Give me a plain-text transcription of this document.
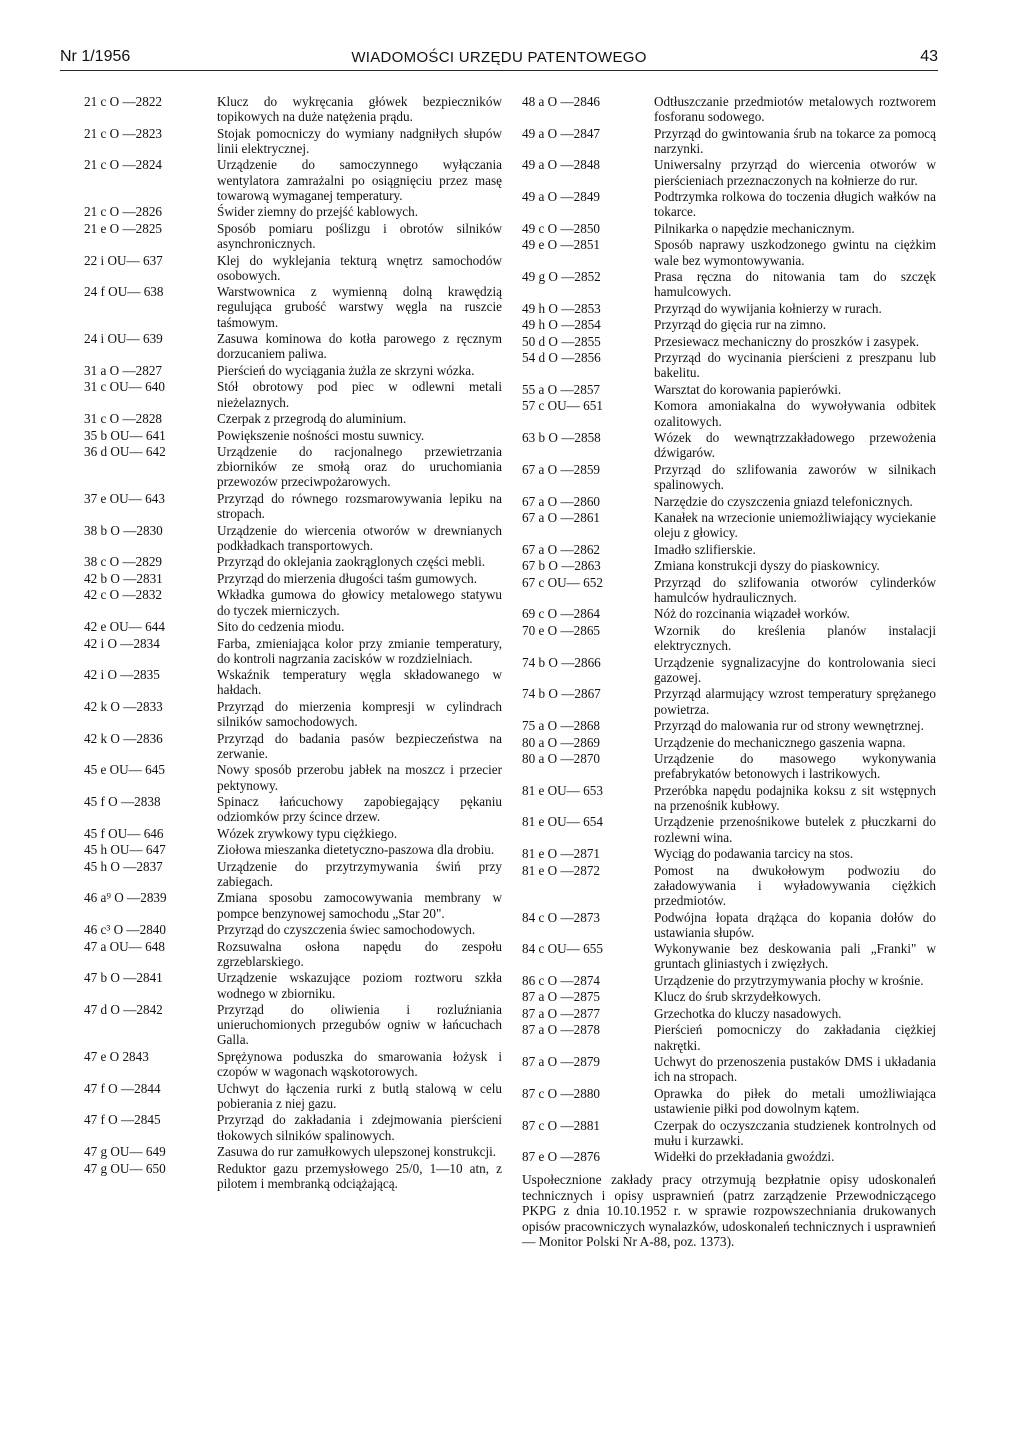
Nr 1/1956	WIADOMOŚCI URZĘDU PATENTOWEGO	43
21 c O —2822	Klucz do wykręcania główek bezpieczników topikowych na duże natężenia prądu.
21 c O —2823	Stojak pomocniczy do wymiany nadgniłych słupów linii elektrycznej.
21 c O —2824	Urządzenie do samoczynnego wyłączania wentylatora zamrażalni po osiągnięciu przez masę towarową wymaganej temperatury.
21 c O —2826	Świder ziemny do przejść kablowych.
21 e O —2825	Sposób pomiaru poślizgu i obrotów silników asynchronicznych.
22 i OU— 637	Klej do wyklejania tekturą wnętrz samochodów osobowych.
24 f OU— 638	Warstwownica z wymienną dolną krawędzią regulująca grubość warstwy węgla na ruszcie taśmowym.
24 i OU— 639	Zasuwa kominowa do kotła parowego z ręcznym dorzucaniem paliwa.
31 a O —2827	Pierścień do wyciągania żużla ze skrzyni wózka.
31 c OU— 640	Stół obrotowy pod piec w odlewni metali nieżelaznych.
31 c O —2828	Czerpak z przegrodą do aluminium.
35 b OU— 641	Powiększenie nośności mostu suwnicy.
36 d OU— 642	Urządzenie do racjonalnego przewietrzania zbiorników ze smołą oraz do uruchomiania przewozów przeciwpożarowych.
37 e OU— 643	Przyrząd do równego rozsmarowywania lepiku na stropach.
38 b O —2830	Urządzenie do wiercenia otworów w drewnianych podkładkach transportowych.
38 c O —2829	Przyrząd do oklejania zaokrąglonych części mebli.
42 b O —2831	Przyrząd do mierzenia długości taśm gumowych.
42 c O —2832	Wkładka gumowa do głowicy metalowego statywu do tyczek mierniczych.
42 e OU— 644	Sito do cedzenia miodu.
42 i O —2834	Farba, zmieniająca kolor przy zmianie temperatury, do kontroli nagrzania zacisków w rozdzielniach.
42 i O —2835	Wskaźnik temperatury węgla składowanego w hałdach.
42 k O —2833	Przyrząd do mierzenia kompresji w cylindrach silników samochodowych.
42 k O —2836	Przyrząd do badania pasów bezpieczeństwa na zerwanie.
45 e OU— 645	Nowy sposób przerobu jabłek na moszcz i przecier pektynowy.
45 f O —2838	Spinacz łańcuchowy zapobiegający pękaniu odziomków przy ścince drzew.
45 f OU— 646	Wózek zrywkowy typu ciężkiego.
45 h OU— 647	Ziołowa mieszanka dietetyczno-paszowa dla drobiu.
45 h O —2837	Urządzenie do przytrzymywania świń przy zabiegach.
46 a⁹ O —2839	Zmiana sposobu zamocowywania membrany w pompce benzynowej samochodu „Star 20".
46 c³ O —2840	Przyrząd do czyszczenia świec samochodowych.
47 a OU— 648	Rozsuwalna osłona napędu do zespołu zgrzeblarskiego.
47 b O —2841	Urządzenie wskazujące poziom roztworu szkła wodnego w zbiorniku.
47 d O —2842	Przyrząd do oliwienia i rozluźniania unieruchomionych przegubów ogniw w łańcuchach Galla.
47 e O 2843	Sprężynowa poduszka do smarowania łożysk i czopów w wagonach wąskotorowych.
47 f O —2844	Uchwyt do łączenia rurki z butlą stalową w celu pobierania z niej gazu.
47 f O —2845	Przyrząd do zakładania i zdejmowania pierścieni tłokowych silników spalinowych.
47 g OU— 649	Zasuwa do rur zamułkowych ulepszonej konstrukcji.
47 g OU— 650	Reduktor gazu przemysłowego 25/0, 1—10 atn, z pilotem i membranką odciążającą.
48 a O —2846	Odtłuszczanie przedmiotów metalowych roztworem fosforanu sodowego.
49 a O —2847	Przyrząd do gwintowania śrub na tokarce za pomocą narzynki.
49 a O —2848	Uniwersalny przyrząd do wiercenia otworów w pierścieniach przeznaczonych na kołnierze do rur.
49 a O —2849	Podtrzymka rolkowa do toczenia długich wałków na tokarce.
49 c O —2850	Pilnikarka o napędzie mechanicznym.
49 e O —2851	Sposób naprawy uszkodzonego gwintu na ciężkim wale bez wymontowywania.
49 g O —2852	Prasa ręczna do nitowania tam do szczęk hamulcowych.
49 h O —2853	Przyrząd do wywijania kołnierzy w rurach.
49 h O —2854	Przyrząd do gięcia rur na zimno.
50 d O —2855	Przesiewacz mechaniczny do proszków i zasypek.
54 d O —2856	Przyrząd do wycinania pierścieni z preszpanu lub bakelitu.
55 a O —2857	Warsztat do korowania papierówki.
57 c OU— 651	Komora amoniakalna do wywoływania odbitek ozalitowych.
63 b O —2858	Wózek do wewnątrzzakładowego przewożenia dźwigarów.
67 a O —2859	Przyrząd do szlifowania zaworów w silnikach spalinowych.
67 a O —2860	Narzędzie do czyszczenia gniazd telefonicznych.
67 a O —2861	Kanałek na wrzecionie uniemożliwiający wyciekanie oleju z głowicy.
67 a O —2862	Imadło szlifierskie.
67 b O —2863	Zmiana konstrukcji dyszy do piaskownicy.
67 c OU— 652	Przyrząd do szlifowania otworów cylinderków hamulców hydraulicznych.
69 c O —2864	Nóż do rozcinania wiązadeł worków.
70 e O —2865	Wzornik do kreślenia planów instalacji elektrycznych.
74 b O —2866	Urządzenie sygnalizacyjne do kontrolowania sieci gazowej.
74 b O —2867	Przyrząd alarmujący wzrost temperatury sprężanego powietrza.
75 a O —2868	Przyrząd do malowania rur od strony wewnętrznej.
80 a O —2869	Urządzenie do mechanicznego gaszenia wapna.
80 a O —2870	Urządzenie do masowego wykonywania prefabrykatów betonowych i lastrikowych.
81 e OU— 653	Przeróbka napędu podajnika koksu z sit wstępnych na przenośnik kubłowy.
81 e OU— 654	Urządzenie przenośnikowe butelek z płuczkarni do rozlewni wina.
81 e O —2871	Wyciąg do podawania tarcicy na stos.
81 e O —2872	Pomost na dwukołowym podwoziu do załadowywania i wyładowywania ciężkich przedmiotów.
84 c O —2873	Podwójna łopata drążąca do kopania dołów do ustawiania słupów.
84 c OU— 655	Wykonywanie bez deskowania pali „Franki" w gruntach gliniastych i zwięzłych.
86 c O —2874	Urządzenie do przytrzymywania płochy w krośnie.
87 a O —2875	Klucz do śrub skrzydełkowych.
87 a O —2877	Grzechotka do kluczy nasadowych.
87 a O —2878	Pierścień pomocniczy do zakładania ciężkiej nakrętki.
87 a O —2879	Uchwyt do przenoszenia pustaków DMS i układania ich na stropach.
87 c O —2880	Oprawka do piłek do metali umożliwiająca ustawienie piłki pod dowolnym kątem.
87 c O —2881	Czerpak do oczyszczania studzienek kontrolnych od mułu i kurzawki.
87 e O —2876	Widełki do przekładania gwoździ.
Uspołecznione zakłady pracy otrzymują bezpłatnie opisy udoskonaleń technicznych i opisy usprawnień (patrz zarządzenie Przewodniczącego PKPG z dnia 10.10.1952 r. w sprawie rozpowszechniania drukowanych opisów pracowniczych wynalazków, udoskonaleń technicznych i usprawnień — Monitor Polski Nr A-88, poz. 1373).
